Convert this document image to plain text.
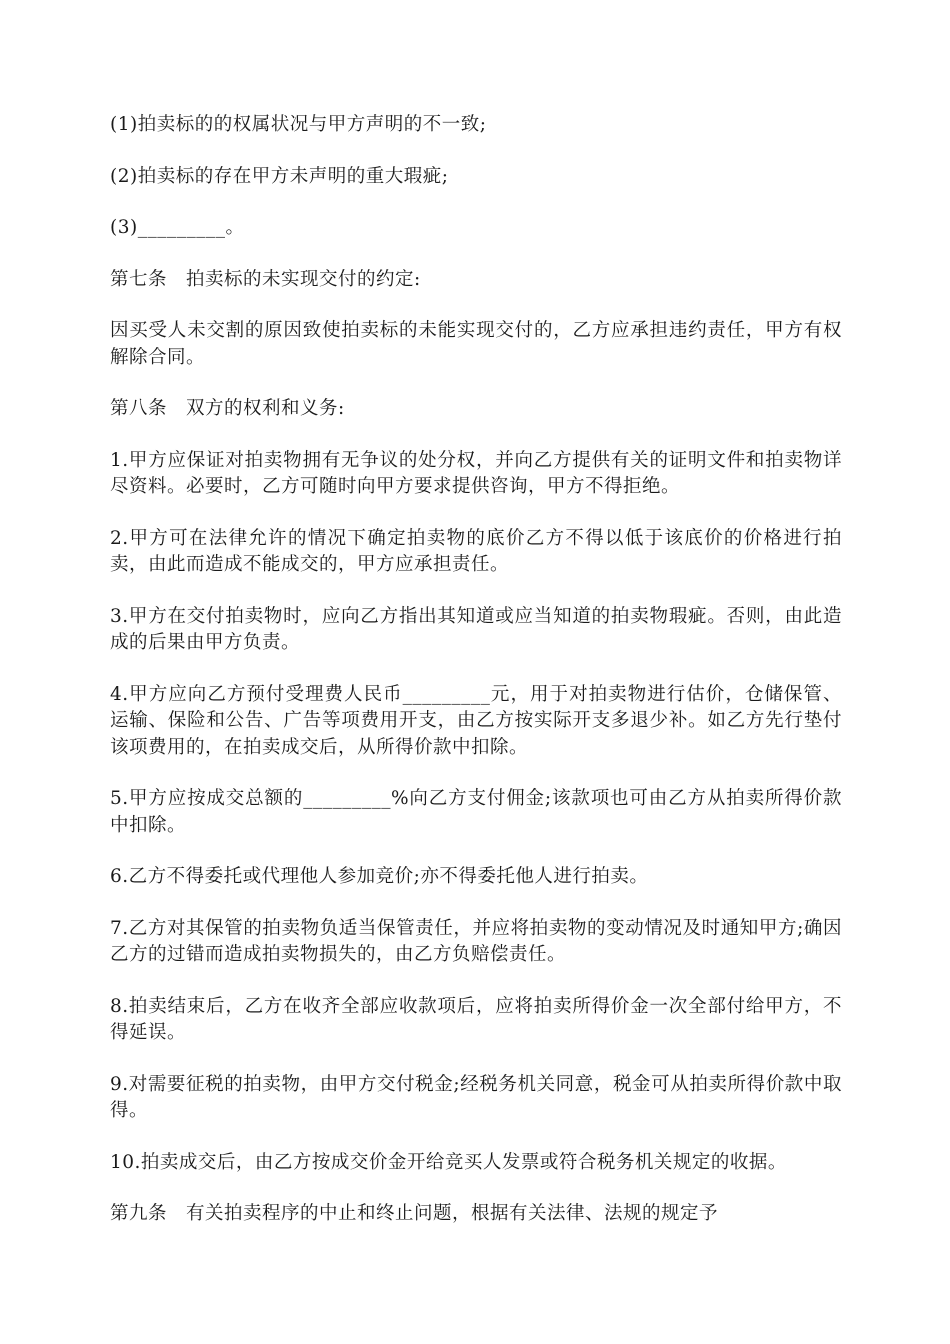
(1)拍卖标的的权属状况与甲方声明的不一致;

(2)拍卖标的存在甲方未声明的重大瑕疵;

(3)_________。

第七条　拍卖标的未实现交付的约定:

因买受人未交割的原因致使拍卖标的未能实现交付的，乙方应承担违约责任，甲方有权解除合同。

第八条　双方的权利和义务:

1.甲方应保证对拍卖物拥有无争议的处分权，并向乙方提供有关的证明文件和拍卖物详尽资料。必要时，乙方可随时向甲方要求提供咨询，甲方不得拒绝。

2.甲方可在法律允许的情况下确定拍卖物的底价乙方不得以低于该底价的价格进行拍卖，由此而造成不能成交的，甲方应承担责任。

3.甲方在交付拍卖物时，应向乙方指出其知道或应当知道的拍卖物瑕疵。否则，由此造成的后果由甲方负责。

4.甲方应向乙方预付受理费人民币_________元，用于对拍卖物进行估价，仓储保管、运输、保险和公告、广告等项费用开支，由乙方按实际开支多退少补。如乙方先行垫付该项费用的，在拍卖成交后，从所得价款中扣除。

5.甲方应按成交总额的_________%向乙方支付佣金;该款项也可由乙方从拍卖所得价款中扣除。

6.乙方不得委托或代理他人参加竞价;亦不得委托他人进行拍卖。

7.乙方对其保管的拍卖物负适当保管责任，并应将拍卖物的变动情况及时通知甲方;确因乙方的过错而造成拍卖物损失的，由乙方负赔偿责任。

8.拍卖结束后，乙方在收齐全部应收款项后，应将拍卖所得价金一次全部付给甲方，不得延误。

9.对需要征税的拍卖物，由甲方交付税金;经税务机关同意，税金可从拍卖所得价款中取得。

10.拍卖成交后，由乙方按成交价金开给竞买人发票或符合税务机关规定的收据。

第九条　有关拍卖程序的中止和终止问题，根据有关法律、法规的规定予
